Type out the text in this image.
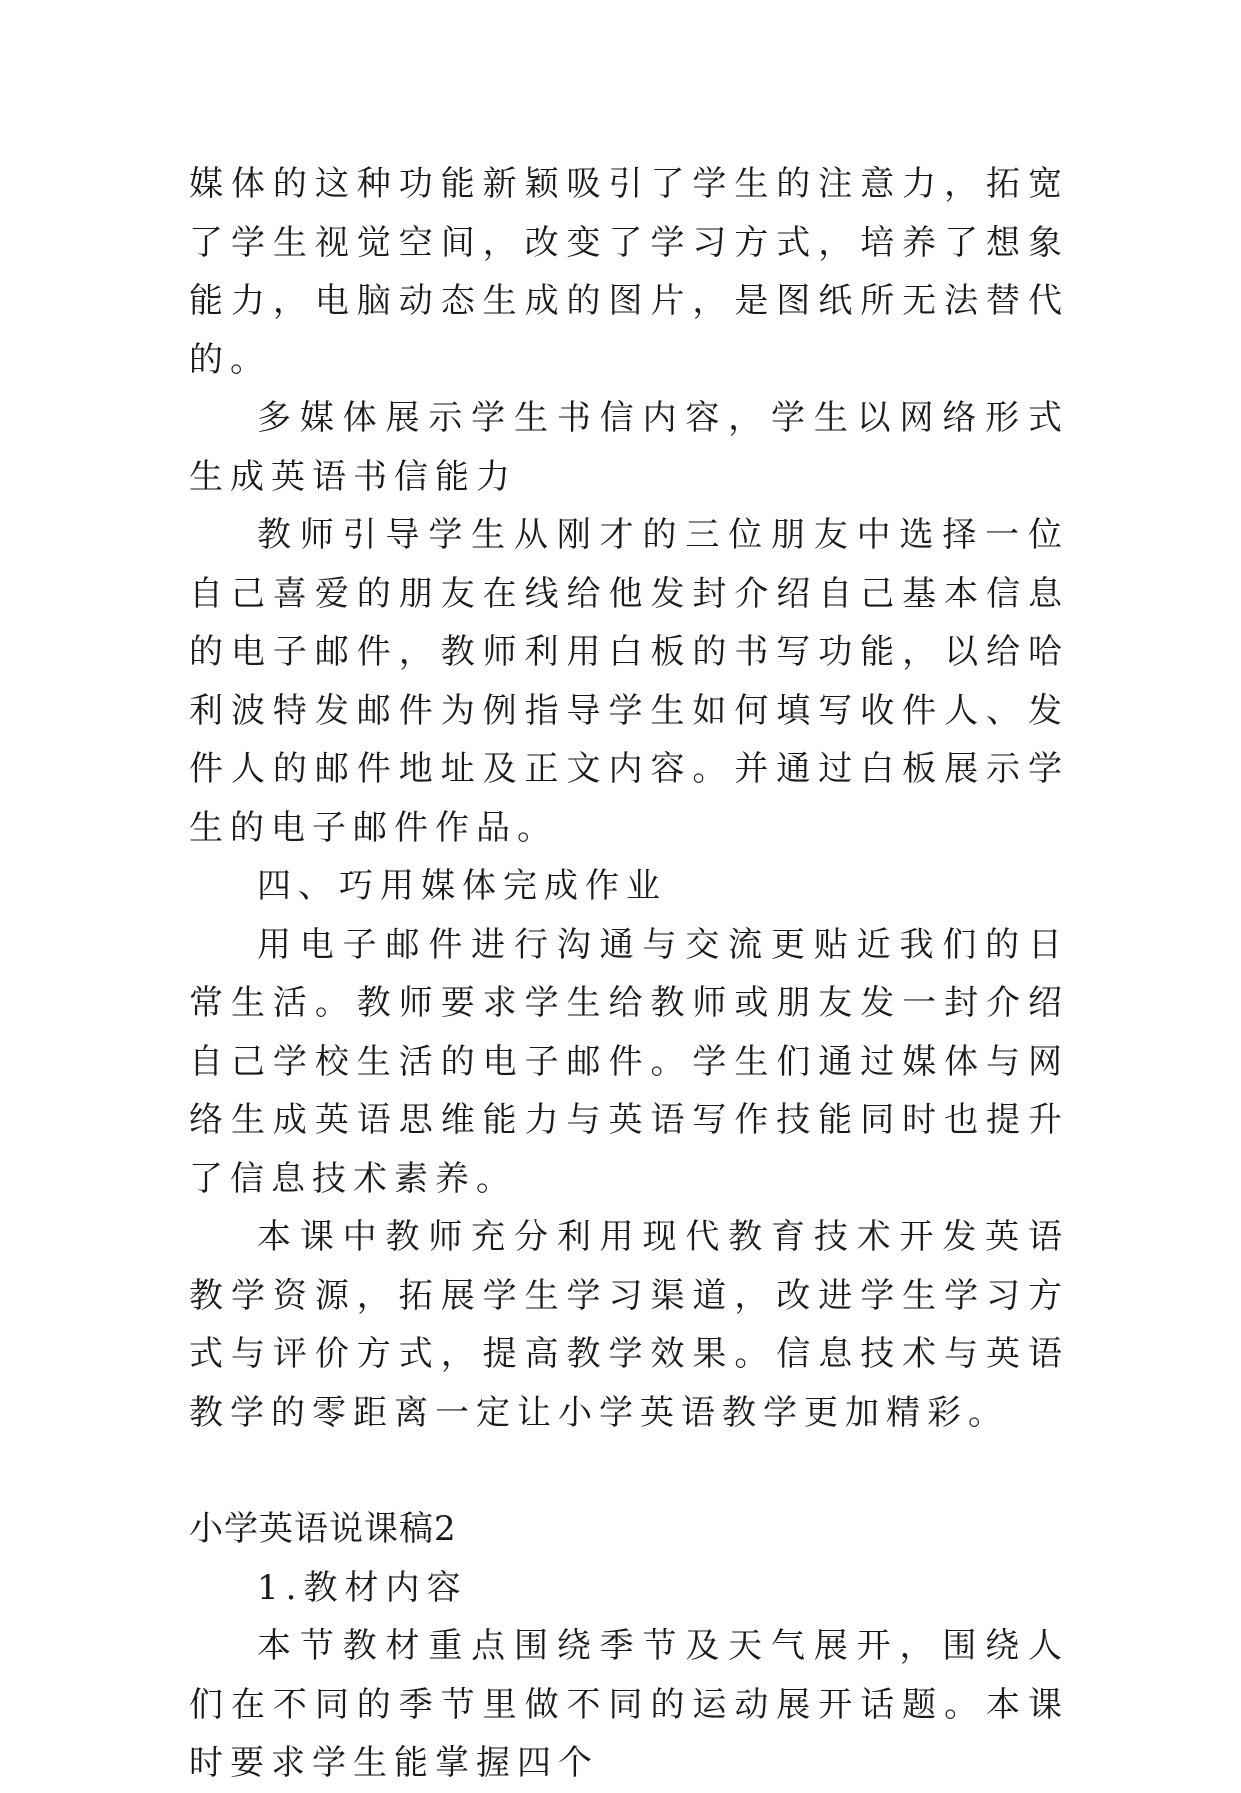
媒体的这种功能新颖吸引了学生的注意力，拓宽了学生视觉空间，改变了学习方式，培养了想象能力，电脑动态生成的图片，是图纸所无法替代的。

多媒体展示学生书信内容，学生以网络形式生成英语书信能力

教师引导学生从刚才的三位朋友中选择一位自己喜爱的朋友在线给他发封介绍自己基本信息的电子邮件，教师利用白板的书写功能，以给哈利波特发邮件为例指导学生如何填写收件人、发件人的邮件地址及正文内容。并通过白板展示学生的电子邮件作品。

四、巧用媒体完成作业

用电子邮件进行沟通与交流更贴近我们的日常生活。教师要求学生给教师或朋友发一封介绍自己学校生活的电子邮件。学生们通过媒体与网络生成英语思维能力与英语写作技能同时也提升了信息技术素养。

本课中教师充分利用现代教育技术开发英语教学资源，拓展学生学习渠道，改进学生学习方式与评价方式，提高教学效果。信息技术与英语教学的零距离一定让小学英语教学更加精彩。

小学英语说课稿2

1.教材内容

本节教材重点围绕季节及天气展开，围绕人们在不同的季节里做不同的运动展开话题。本课时要求学生能掌握四个
